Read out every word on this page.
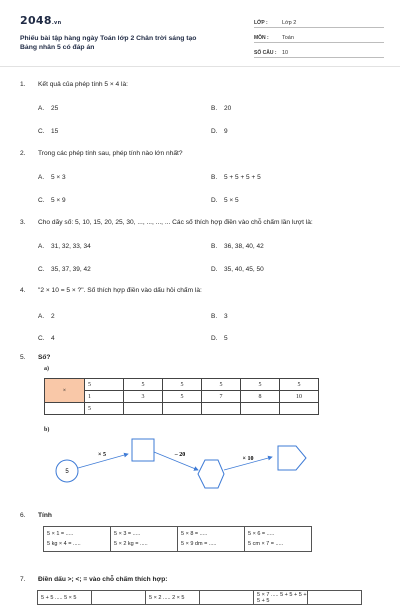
2048.vn
Phiếu bài tập hàng ngày Toán lớp 2 Chân trời sáng tạo
Bảng nhân 5 có đáp án
LỚP :	Lớp 2
MÔN :	Toán
SỐ CÂU :	10
1.	Kết quả của phép tính 5 × 4 là:
A. 25	B. 20
C. 15	D. 9
2.	Trong các phép tính sau, phép tính nào lớn nhất?
A. 5 × 3	B. 5 + 5 + 5 + 5
C. 5 × 9	D. 5 × 5
3.	Cho dãy số: 5, 10, 15, 20, 25, 30, ..., ..., ..., ... Các số thích hợp điền vào chỗ chấm lần lượt là:
A. 31, 32, 33, 34	B. 36, 38, 40, 42
C. 35, 37, 39, 42	D. 35, 40, 45, 50
4.	"2 × 10 = 5 × ?". Số thích hợp điền vào dấu hỏi chấm là:
A. 2	B. 3
C. 4	D. 5
5.	Số?
a)
×	5	5	5	5	5	5
	1	3	5	7	8	10
	5					
b)
5
× 5	– 20
× 10
6.	Tính
5 × 1 = .....
5 kg × 4 = .....

5 × 3 = .....
5 × 2 kg = .....

5 × 8 = .....
5 × 9 dm = .....

5 × 6 = .....
5 cm × 7 = .....
7.	Điền dấu >; <; = vào chỗ chấm thích hợp:
5 + 5 ..... 5 × 5		5 × 2 ..... 2 × 5		5 × 7 ..... 5 + 5 + 5 + 5 + 5	
